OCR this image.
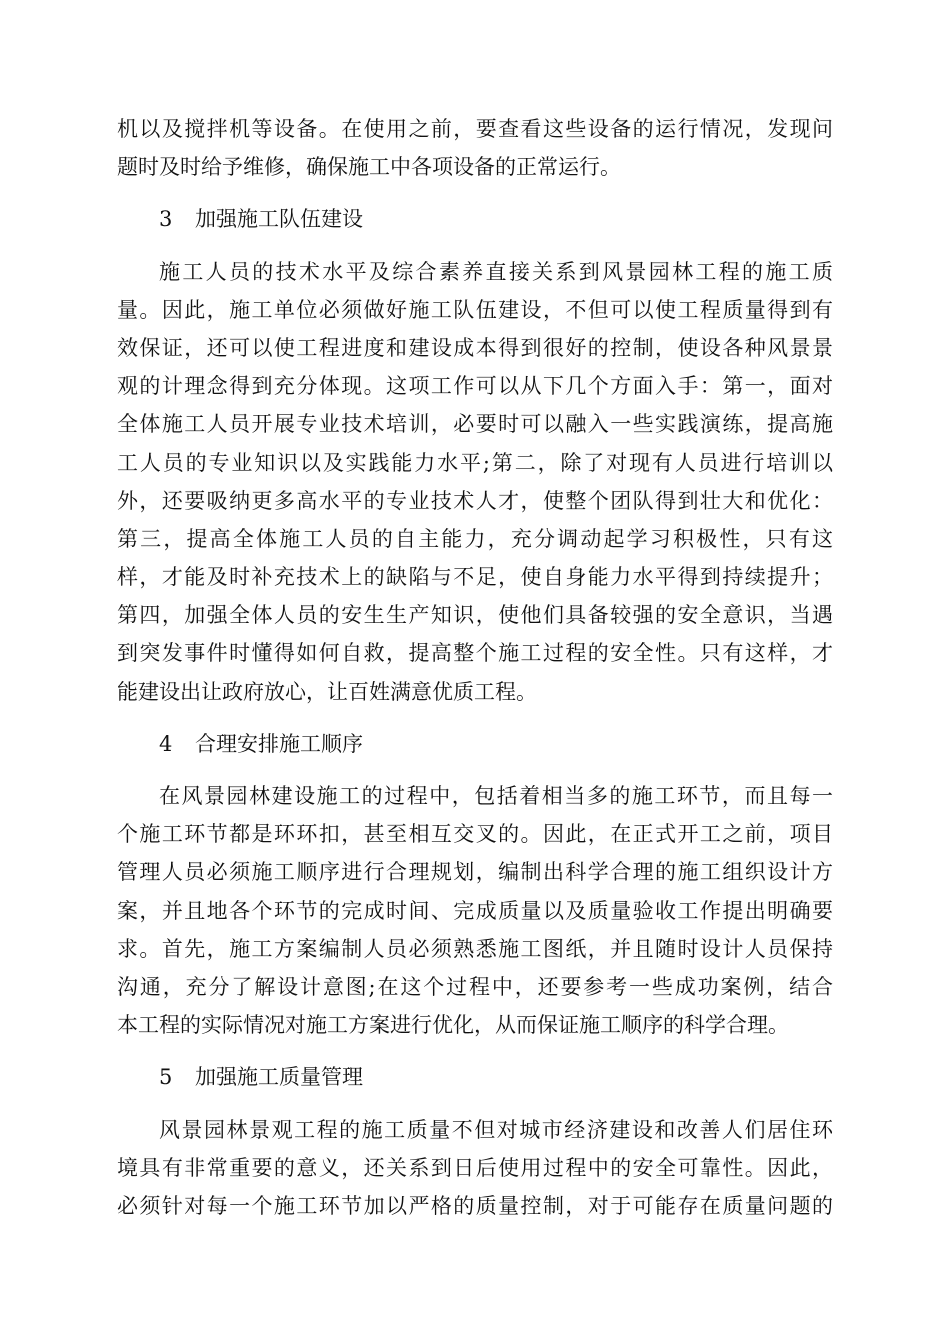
机以及搅拌机等设备。在使用之前，要查看这些设备的运行情况，发现问
题时及时给予维修，确保施工中各项设备的正常运行。
3 加强施工队伍建设
施工人员的技术水平及综合素养直接关系到风景园林工程的施工质
量。因此，施工单位必须做好施工队伍建设，不但可以使工程质量得到有
效保证，还可以使工程进度和建设成本得到很好的控制，使设各种风景景
观的计理念得到充分体现。这项工作可以从下几个方面入手：第一，面对
全体施工人员开展专业技术培训，必要时可以融入一些实践演练，提高施
工人员的专业知识以及实践能力水平;第二，除了对现有人员进行培训以
外，还要吸纳更多高水平的专业技术人才，使整个团队得到壮大和优化：
第三，提高全体施工人员的自主能力，充分调动起学习积极性，只有这
样，才能及时补充技术上的缺陷与不足，使自身能力水平得到持续提升；
第四，加强全体人员的安生生产知识，使他们具备较强的安全意识，当遇
到突发事件时懂得如何自救，提高整个施工过程的安全性。只有这样，才
能建设出让政府放心，让百姓满意优质工程。
4 合理安排施工顺序
在风景园林建设施工的过程中，包括着相当多的施工环节，而且每一
个施工环节都是环环扣，甚至相互交叉的。因此，在正式开工之前，项目
管理人员必须施工顺序进行合理规划，编制出科学合理的施工组织设计方
案，并且地各个环节的完成时间、完成质量以及质量验收工作提出明确要
求。首先，施工方案编制人员必须熟悉施工图纸，并且随时设计人员保持
沟通，充分了解设计意图;在这个过程中，还要参考一些成功案例，结合
本工程的实际情况对施工方案进行优化，从而保证施工顺序的科学合理。
5 加强施工质量管理
风景园林景观工程的施工质量不但对城市经济建设和改善人们居住环
境具有非常重要的意义，还关系到日后使用过程中的安全可靠性。因此，
必须针对每一个施工环节加以严格的质量控制，对于可能存在质量问题的
